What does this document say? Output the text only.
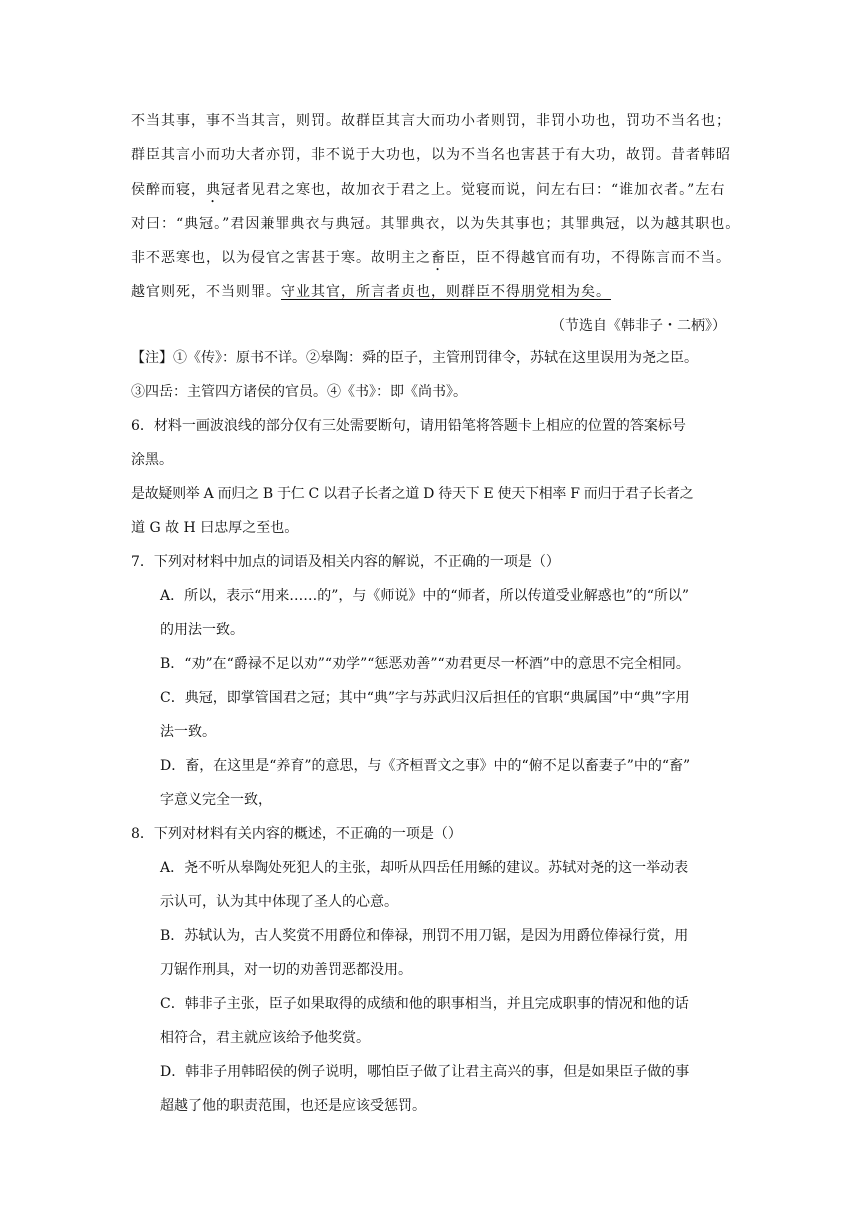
不当其事，事不当其言，则罚。故群臣其言大而功小者则罚，非罚小功也，罚功不当名也；
群臣其言小而功大者亦罚，非不说于大功也，以为不当名也害甚于有大功，故罚。昔者韩昭
侯醉而寝，典冠者见君之寒也，故加衣于君之上。觉寝而说，问左右曰：“谁加衣者。”左右
对曰：“典冠。”君因兼罪典衣与典冠。其罪典衣，以为失其事也；其罪典冠，以为越其职也。
非不恶寒也，以为侵官之害甚于寒。故明主之畜臣，臣不得越官而有功，不得陈言而不当。
越官则死，不当则罪。守业其官，所言者贞也，则群臣不得朋党相为矣。
（节选自《韩非子・二柄》）
【注】①《传》：原书不详。②皋陶：舜的臣子，主管刑罚律令，苏轼在这里误用为尧之臣。
③四岳：主管四方诸侯的官员。④《书》：即《尚书》。
6．材料一画波浪线的部分仅有三处需要断句，请用铅笔将答题卡上相应的位置的答案标号
涂黑。
是故疑则举 A 而归之 B 于仁 C 以君子长者之道 D 待天下 E 使天下相率 F 而归于君子长者之
道 G 故 H 曰忠厚之至也。
7．下列对材料中加点的词语及相关内容的解说，不正确的一项是（）
A．所以，表示“用来……的”，与《师说》中的“师者，所以传道受业解惑也”的“所以”
的用法一致。
B．“劝”在“爵禄不足以劝”“劝学”“惩恶劝善”“劝君更尽一杯酒”中的意思不完全相同。
C．典冠，即掌管国君之冠；其中“典”字与苏武归汉后担任的官职“典属国”中“典”字用
法一致。
D．畜，在这里是“养育”的意思，与《齐桓晋文之事》中的“俯不足以畜妻子”中的“畜”
字意义完全一致，
8．下列对材料有关内容的概述，不正确的一项是（）
A．尧不听从皋陶处死犯人的主张，却听从四岳任用鲧的建议。苏轼对尧的这一举动表
示认可，认为其中体现了圣人的心意。
B．苏轼认为，古人奖赏不用爵位和俸禄，刑罚不用刀锯，是因为用爵位俸禄行赏，用
刀锯作刑具，对一切的劝善罚恶都没用。
C．韩非子主张，臣子如果取得的成绩和他的职事相当，并且完成职事的情况和他的话
相符合，君主就应该给予他奖赏。
D．韩非子用韩昭侯的例子说明，哪怕臣子做了让君主高兴的事，但是如果臣子做的事
超越了他的职责范围，也还是应该受惩罚。
